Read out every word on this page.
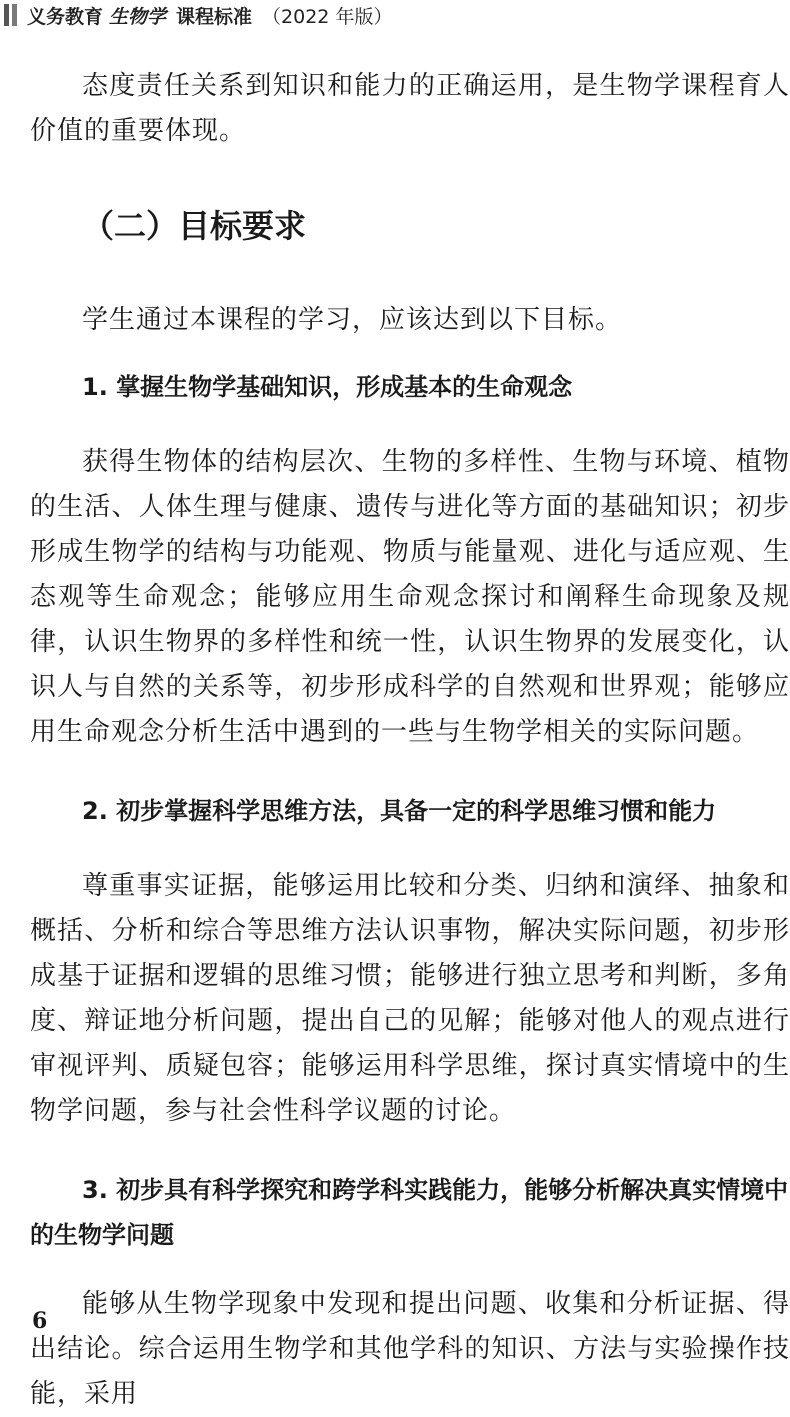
义务教育 生物学 课程标准 （2022 年版）

态度责任关系到知识和能力的正确运用，是生物学课程育人价值的重要体现。

（二）目标要求

学生通过本课程的学习，应该达到以下目标。

1. 掌握生物学基础知识，形成基本的生命观念

获得生物体的结构层次、生物的多样性、生物与环境、植物的生活、人体生理与健康、遗传与进化等方面的基础知识；初步形成生物学的结构与功能观、物质与能量观、进化与适应观、生态观等生命观念；能够应用生命观念探讨和阐释生命现象及规律，认识生物界的多样性和统一性，认识生物界的发展变化，认识人与自然的关系等，初步形成科学的自然观和世界观；能够应用生命观念分析生活中遇到的一些与生物学相关的实际问题。

2. 初步掌握科学思维方法，具备一定的科学思维习惯和能力

尊重事实证据，能够运用比较和分类、归纳和演绎、抽象和概括、分析和综合等思维方法认识事物，解决实际问题，初步形成基于证据和逻辑的思维习惯；能够进行独立思考和判断，多角度、辩证地分析问题，提出自己的见解；能够对他人的观点进行审视评判、质疑包容；能够运用科学思维，探讨真实情境中的生物学问题，参与社会性科学议题的讨论。

3. 初步具有科学探究和跨学科实践能力，能够分析解决真实情境中的生物学问题

能够从生物学现象中发现和提出问题、收集和分析证据、得出结论。综合运用生物学和其他学科的知识、方法与实验操作技能，采用

6
